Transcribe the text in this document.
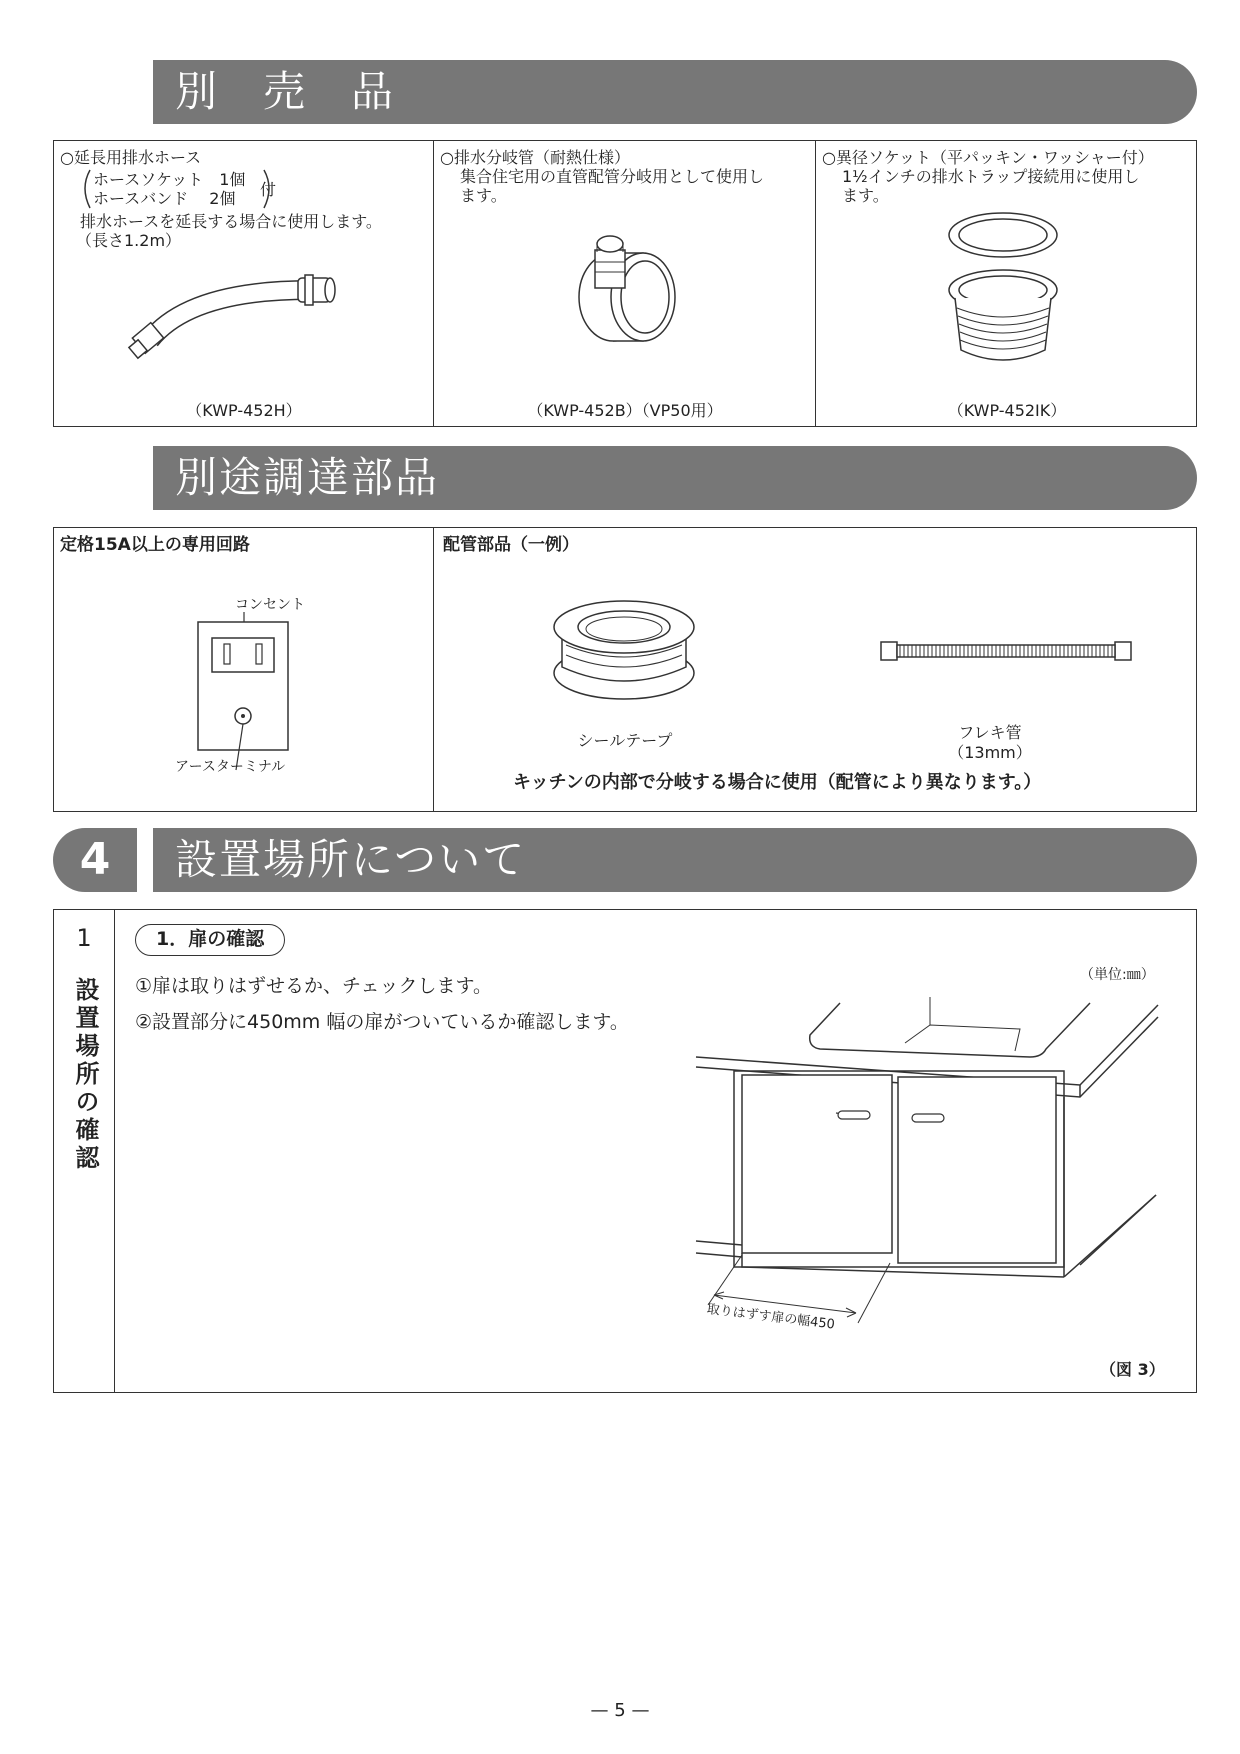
別　売　品
○延長用排水ホース
ホースソケット　1個
ホースバンド　 2個 付
排水ホースを延長する場合に使用します。
（長さ1.2m）
（KWP-452H）
○排水分岐管（耐熱仕様）
集合住宅用の直管配管分岐用として使用し
ます。
（KWP-452B）（VP50用）
○異径ソケット（平パッキン・ワッシャー付）
1½インチの排水トラップ接続用に使用し
ます。
（KWP-452IK）
別途調達部品
定格15A以上の専用回路
コンセント
アースターミナル
配管部品（一例）
シールテープ	フレキ管
（13mm）
キッチンの内部で分岐する場合に使用（配管により異なります。）
4	設置場所について
1
設置場所の確認
1．扉の確認
①扉は取りはずせるか、チェックします。
②設置部分に450mm 幅の扉がついているか確認します。
（単位:㎜）
取りはずす扉の幅450
（図 3）
— 5 —
